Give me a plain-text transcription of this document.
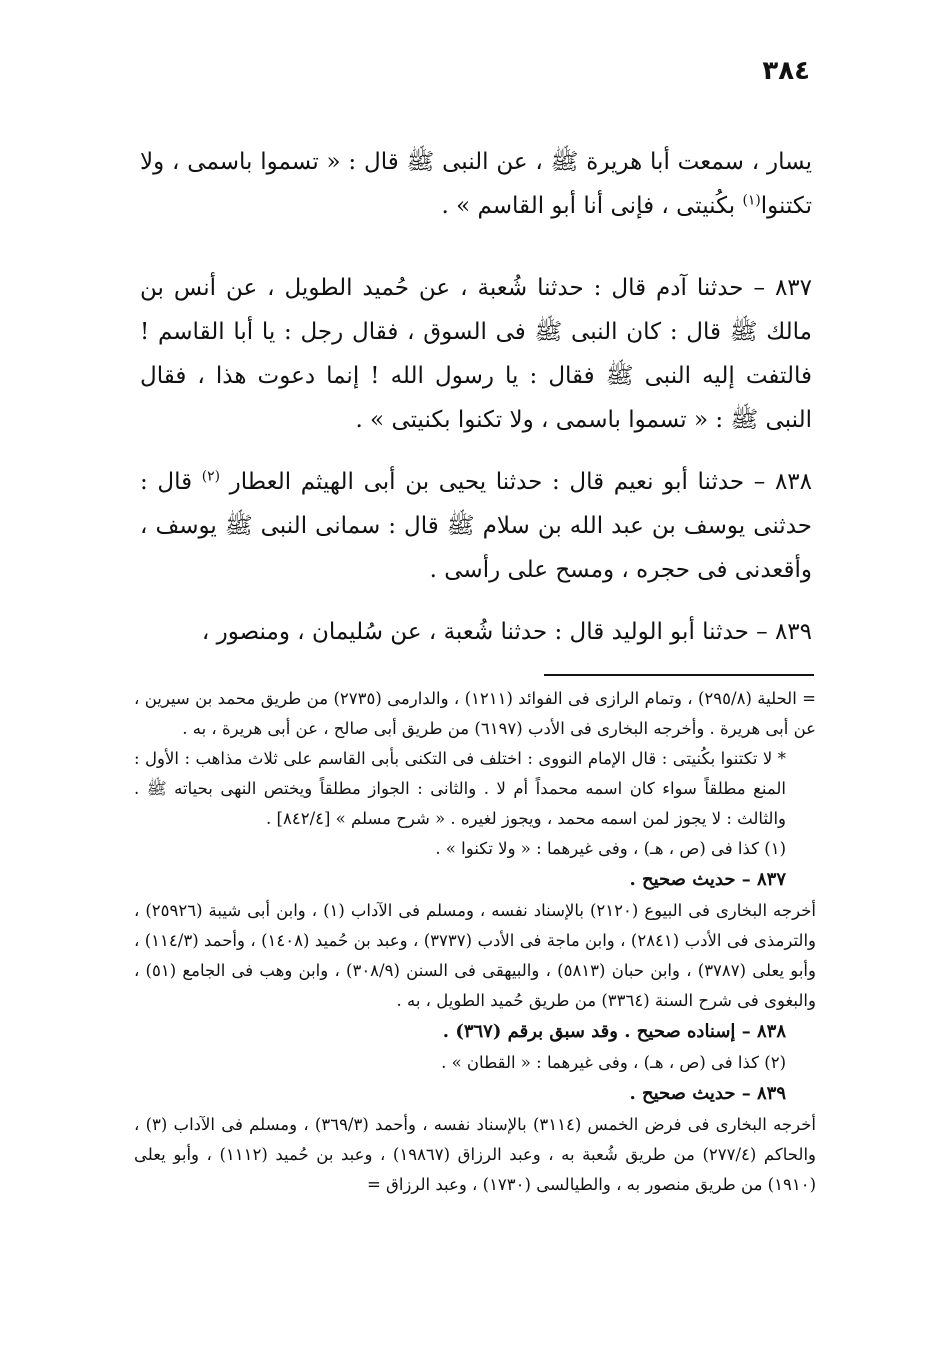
٣٨٤

يسار ، سمعت أبا هريرة ﷺ ، عن النبى ﷺ قال : « تسموا باسمى ، ولا تكتنوا$^{(١)}$ بكُنيتى ، فإنى أنا أبو القاسم » .

٨٣٧ – حدثنا آدم قال : حدثنا شُعبة ، عن حُميد الطويل ، عن أنس بن مالك ﷺ قال : كان النبى ﷺ فى السوق ، فقال رجل : يا أبا القاسم ! فالتفت إليه النبى ﷺ فقال : يا رسول الله ! إنما دعوت هذا ، فقال النبى ﷺ : « تسموا باسمى ، ولا تكنوا بكنيتى » .

٨٣٨ – حدثنا أبو نعيم قال : حدثنا يحيى بن أبى الهيثم العطار $^{(٢)}$ قال : حدثنى يوسف بن عبد الله بن سلام ﷺ قال : سمانى النبى ﷺ يوسف ، وأقعدنى فى حجره ، ومسح على رأسى .

٨٣٩ – حدثنا أبو الوليد قال : حدثنا شُعبة ، عن سُليمان ، ومنصور ،

= الحلية (٢٩٥/٨) ، وتمام الرازى فى الفوائد (١٢١١) ، والدارمى (٢٧٣٥) من طريق محمد بن سيرين ، عن أبى هريرة . وأخرجه البخارى فى الأدب (٦١٩٧) من طريق أبى صالح ، عن أبى هريرة ، به .

* لا تكتنوا بكُنيتى : قال الإمام النووى : اختلف فى التكنى بأبى القاسم على ثلاث مذاهب : الأول : المنع مطلقاً سواء كان اسمه محمداً أم لا . والثانى : الجواز مطلقاً ويختص النهى بحياته ﷺ . والثالث : لا يجوز لمن اسمه محمد ، ويجوز لغيره . « شرح مسلم » [٨٤٢/٤] .

(١) كذا فى (ص ، هـ) ، وفى غيرهما : « ولا تكنوا » .

٨٣٧ – حديث صحيح .

أخرجه البخارى فى البيوع (٢١٢٠) بالإسناد نفسه ، ومسلم فى الآداب (١) ، وابن أبى شيبة (٢٥٩٢٦) ، والترمذى فى الأدب (٢٨٤١) ، وابن ماجة فى الأدب (٣٧٣٧) ، وعبد بن حُميد (١٤٠٨) ، وأحمد (١١٤/٣) ، وأبو يعلى (٣٧٨٧) ، وابن حبان (٥٨١٣) ، والبيهقى فى السنن (٣٠٨/٩) ، وابن وهب فى الجامع (٥١) ، والبغوى فى شرح السنة (٣٣٦٤) من طريق حُميد الطويل ، به .

٨٣٨ – إسناده صحيح . وقد سبق برقم (٣٦٧) .

(٢) كذا فى (ص ، هـ) ، وفى غيرهما : « القطان » .

٨٣٩ – حديث صحيح .

أخرجه البخارى فى فرض الخمس (٣١١٤) بالإسناد نفسه ، وأحمد (٣٦٩/٣) ، ومسلم فى الآداب (٣) ، والحاكم (٢٧٧/٤) من طريق شُعبة به ، وعبد الرزاق (١٩٨٦٧) ، وعبد بن حُميد (١١١٢) ، وأبو يعلى (١٩١٠) من طريق منصور به ، والطيالسى (١٧٣٠) ، وعبد الرزاق =
